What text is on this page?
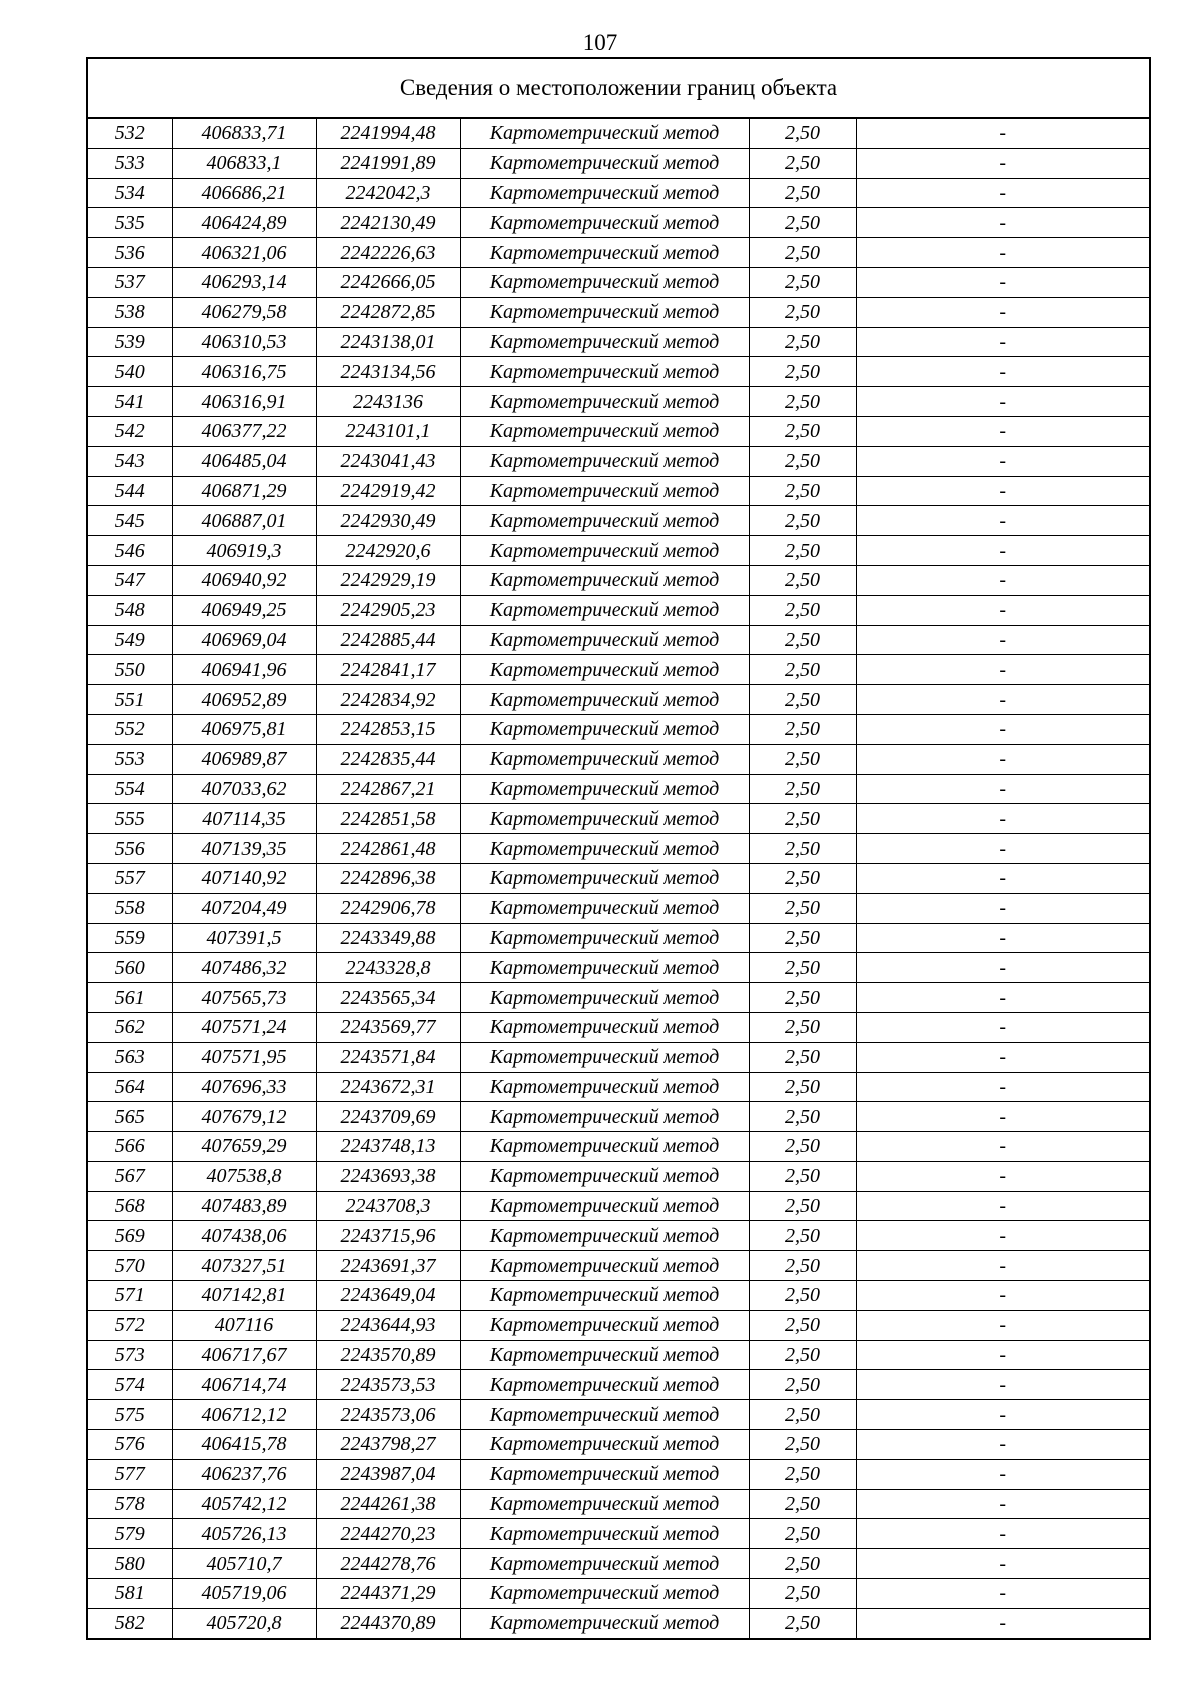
107
Сведения о местоположении границ объекта					
532	406833,71	2241994,48	Картометрический метод	2,50	-
533	406833,1	2241991,89	Картометрический метод	2,50	-
534	406686,21	2242042,3	Картометрический метод	2,50	-
535	406424,89	2242130,49	Картометрический метод	2,50	-
536	406321,06	2242226,63	Картометрический метод	2,50	-
537	406293,14	2242666,05	Картометрический метод	2,50	-
538	406279,58	2242872,85	Картометрический метод	2,50	-
539	406310,53	2243138,01	Картометрический метод	2,50	-
540	406316,75	2243134,56	Картометрический метод	2,50	-
541	406316,91	2243136	Картометрический метод	2,50	-
542	406377,22	2243101,1	Картометрический метод	2,50	-
543	406485,04	2243041,43	Картометрический метод	2,50	-
544	406871,29	2242919,42	Картометрический метод	2,50	-
545	406887,01	2242930,49	Картометрический метод	2,50	-
546	406919,3	2242920,6	Картометрический метод	2,50	-
547	406940,92	2242929,19	Картометрический метод	2,50	-
548	406949,25	2242905,23	Картометрический метод	2,50	-
549	406969,04	2242885,44	Картометрический метод	2,50	-
550	406941,96	2242841,17	Картометрический метод	2,50	-
551	406952,89	2242834,92	Картометрический метод	2,50	-
552	406975,81	2242853,15	Картометрический метод	2,50	-
553	406989,87	2242835,44	Картометрический метод	2,50	-
554	407033,62	2242867,21	Картометрический метод	2,50	-
555	407114,35	2242851,58	Картометрический метод	2,50	-
556	407139,35	2242861,48	Картометрический метод	2,50	-
557	407140,92	2242896,38	Картометрический метод	2,50	-
558	407204,49	2242906,78	Картометрический метод	2,50	-
559	407391,5	2243349,88	Картометрический метод	2,50	-
560	407486,32	2243328,8	Картометрический метод	2,50	-
561	407565,73	2243565,34	Картометрический метод	2,50	-
562	407571,24	2243569,77	Картометрический метод	2,50	-
563	407571,95	2243571,84	Картометрический метод	2,50	-
564	407696,33	2243672,31	Картометрический метод	2,50	-
565	407679,12	2243709,69	Картометрический метод	2,50	-
566	407659,29	2243748,13	Картометрический метод	2,50	-
567	407538,8	2243693,38	Картометрический метод	2,50	-
568	407483,89	2243708,3	Картометрический метод	2,50	-
569	407438,06	2243715,96	Картометрический метод	2,50	-
570	407327,51	2243691,37	Картометрический метод	2,50	-
571	407142,81	2243649,04	Картометрический метод	2,50	-
572	407116	2243644,93	Картометрический метод	2,50	-
573	406717,67	2243570,89	Картометрический метод	2,50	-
574	406714,74	2243573,53	Картометрический метод	2,50	-
575	406712,12	2243573,06	Картометрический метод	2,50	-
576	406415,78	2243798,27	Картометрический метод	2,50	-
577	406237,76	2243987,04	Картометрический метод	2,50	-
578	405742,12	2244261,38	Картометрический метод	2,50	-
579	405726,13	2244270,23	Картометрический метод	2,50	-
580	405710,7	2244278,76	Картометрический метод	2,50	-
581	405719,06	2244371,29	Картометрический метод	2,50	-
582	405720,8	2244370,89	Картометрический метод	2,50	-
